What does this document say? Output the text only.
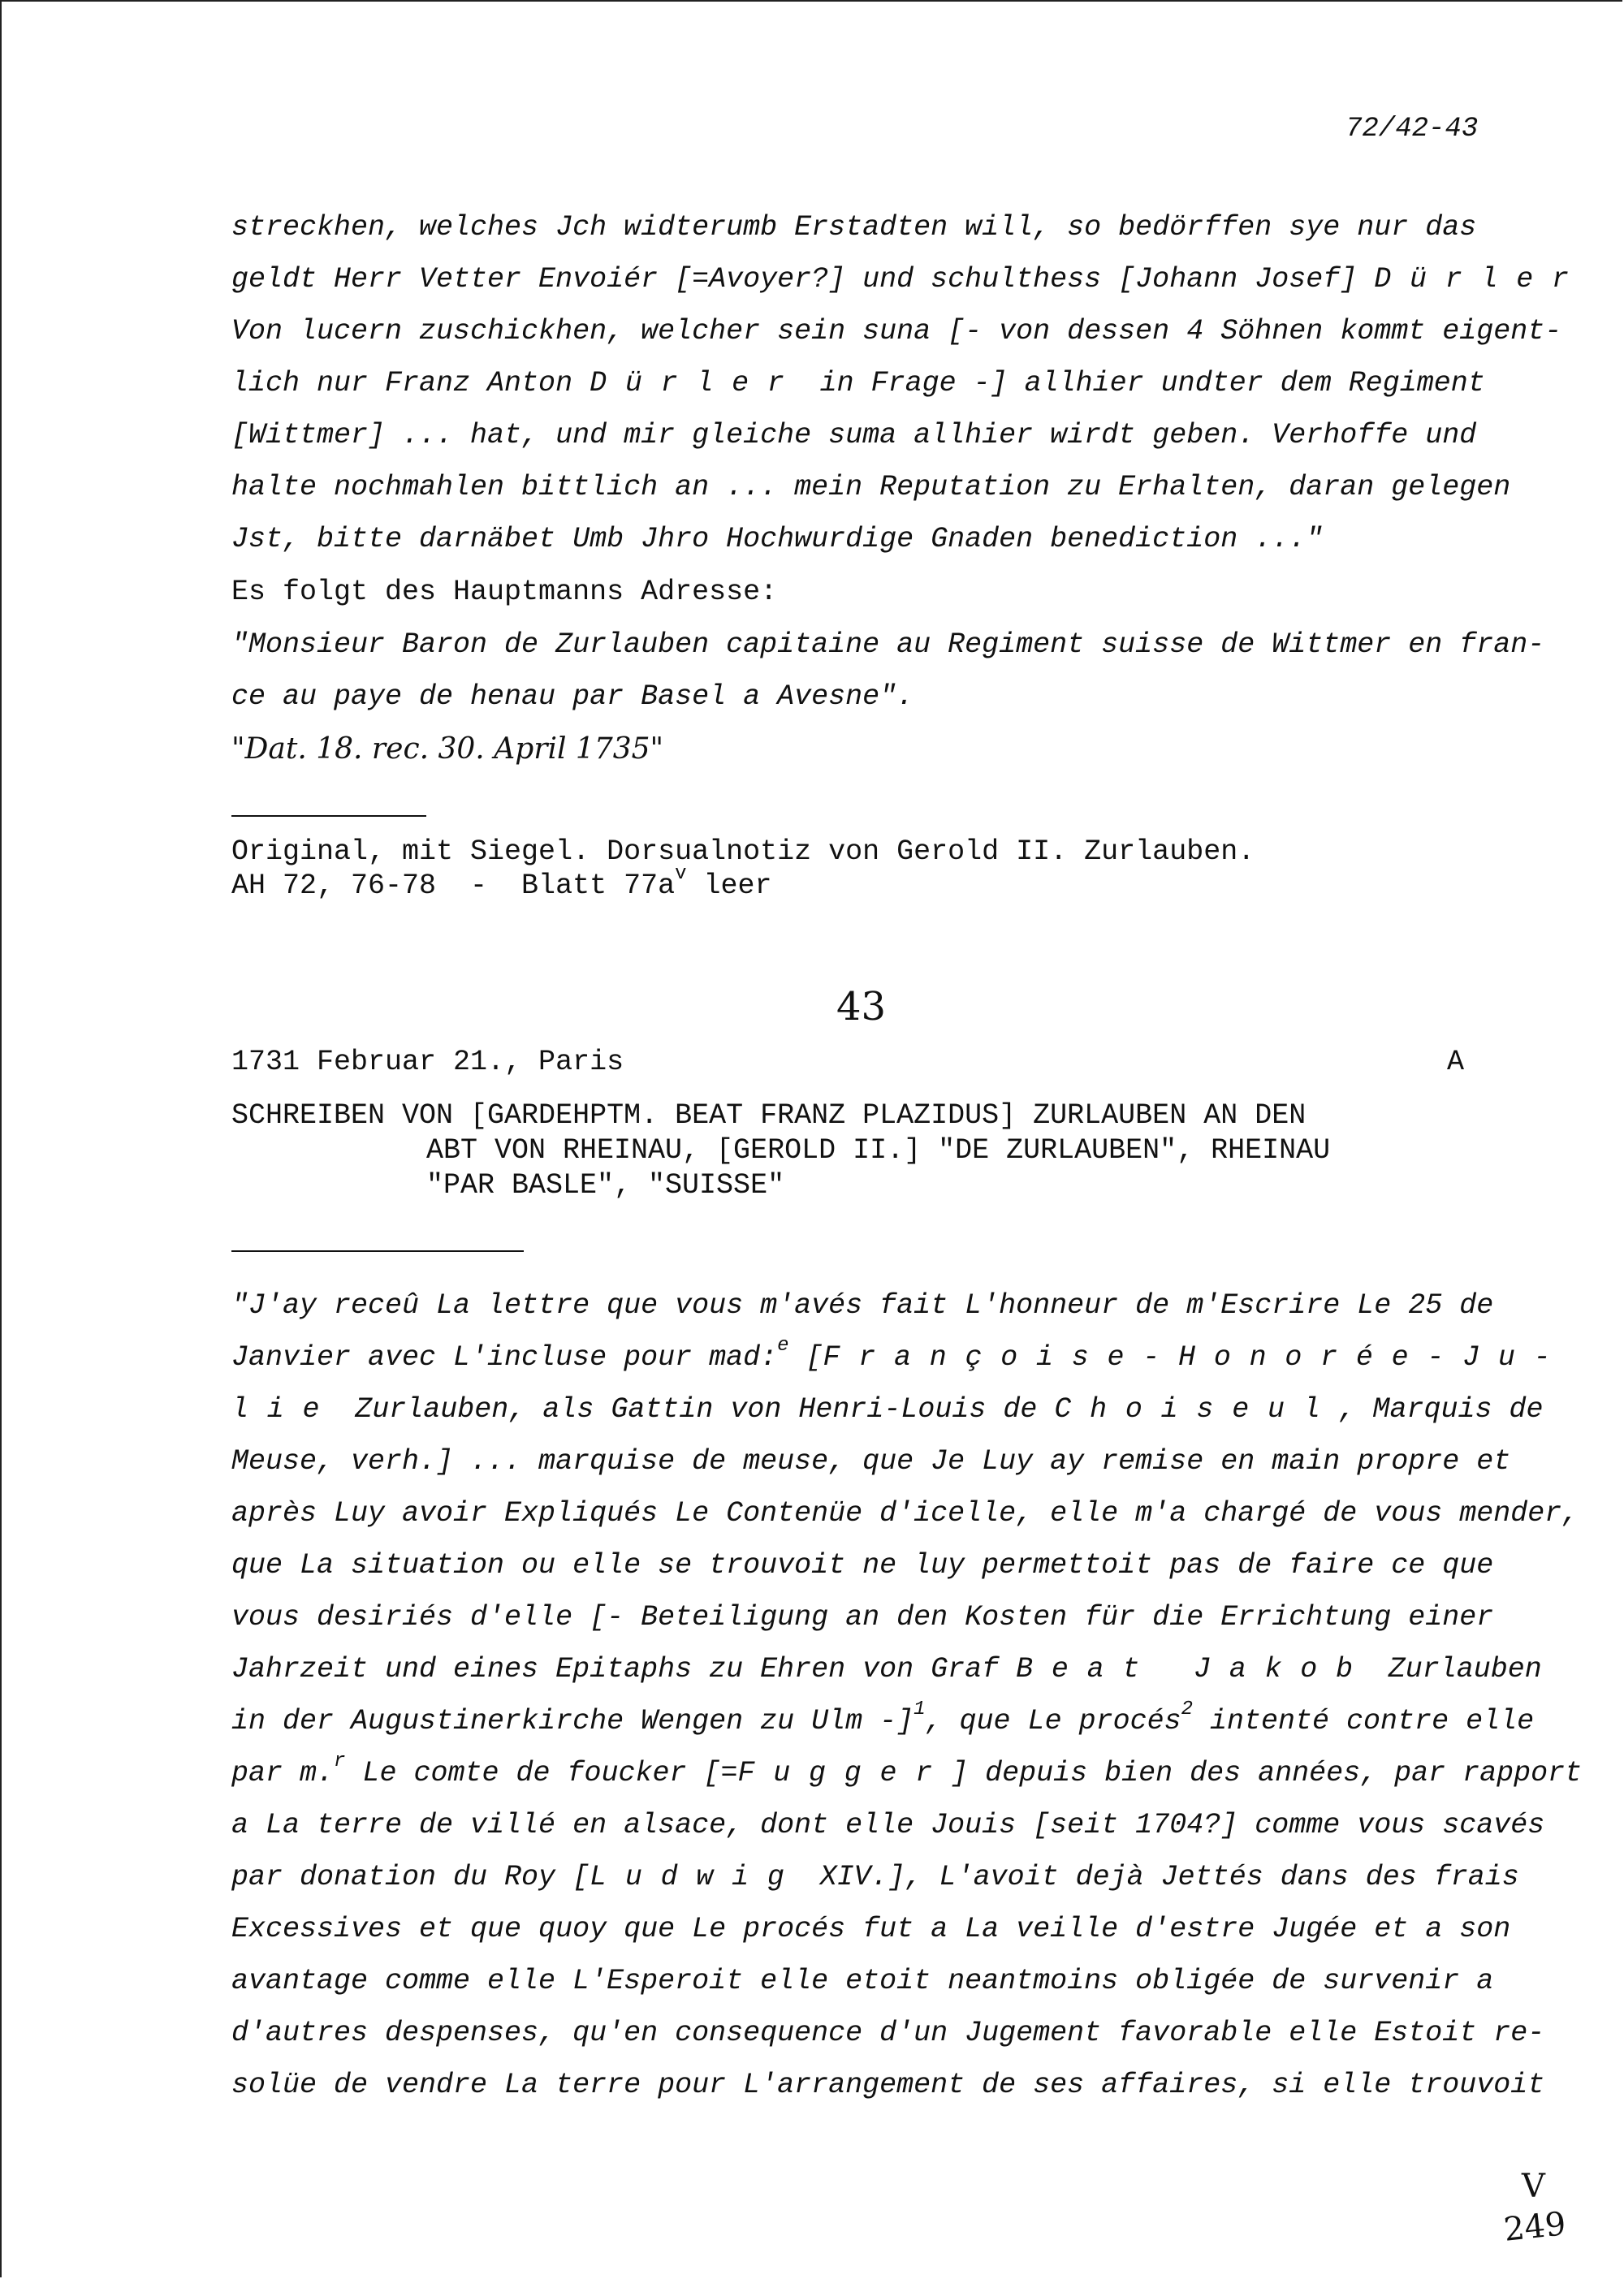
72/42-43
streckhen, welches Jch widterumb Erstadten will, so bedörffen sye nur das
geldt Herr Vetter Envoiér [=Avoyer?] und schulthess [Johann Josef] Dürler
Von lucern zuschickhen, welcher sein suna [- von dessen 4 Söhnen kommt eigent-
lich nur Franz Anton Dürler in Frage -] allhier undter dem Regiment
[Wittmer] ... hat, und mir gleiche suma allhier wirdt geben. Verhoffe und
halte nochmahlen bittlich an ... mein Reputation zu Erhalten, daran gelegen
Jst, bitte darnäbet Umb Jhro Hochwurdige Gnaden benediction ..."
Es folgt des Hauptmanns Adresse:
"Monsieur Baron de Zurlauben capitaine au Regiment suisse de Wittmer en fran-
ce au paye de henau par Basel a Avesne".
"Dat. 18. rec. 30. April 1735"
Original, mit Siegel. Dorsualnotiz von Gerold II. Zurlauben.
AH 72, 76-78  -  Blatt $77a^v$ leer
43
1731 Februar 21., Paris	A
SCHREIBEN VON [GARDEHPTM. BEAT FRANZ PLAZIDUS] ZURLAUBEN AN DEN
ABT VON RHEINAU, [GEROLD II.] "DE ZURLAUBEN", RHEINAU
"PAR BASLE", "SUISSE"
"J'ay receû La lettre que vous m'avés fait L'honneur de m'Escrire Le 25 de
Janvier avec L'incluse pour mad:$^e$ [Françoise-Honorée-Ju-
lie Zurlauben, als Gattin von Henri-Louis de Choiseul, Marquis de
Meuse, verh.] ... marquise de meuse, que Je Luy ay remise en main propre et
après Luy avoir Expliqués Le Contenüe d'icelle, elle m'a chargé de vous mender,
que La situation ou elle se trouvoit ne luy permettoit pas de faire ce que
vous desiriés d'elle [- Beteiligung an den Kosten für die Errichtung einer
Jahrzeit und eines Epitaphs zu Ehren von Graf Beat Jakob Zurlauben
in der Augustinerkirche Wengen zu Ulm -]$^1$, que Le procés$^2$ intenté contre elle
par m.$^r$ Le comte de foucker [=Fugger] depuis bien des années, par rapport
a La terre de villé en alsace, dont elle Jouis [seit 1704?] comme vous scavés
par donation du Roy [Ludwig XIV.], L'avoit dejà Jettés dans des frais
Excessives et que quoy que Le procés fut a La veille d'estre Jugée et a son
avantage comme elle L'Esperoit elle etoit neantmoins obligée de survenir a
d'autres despenses, qu'en consequence d'un Jugement favorable elle Estoit re-
solüe de vendre La terre pour L'arrangement de ses affaires, si elle trouvoit
V
249
